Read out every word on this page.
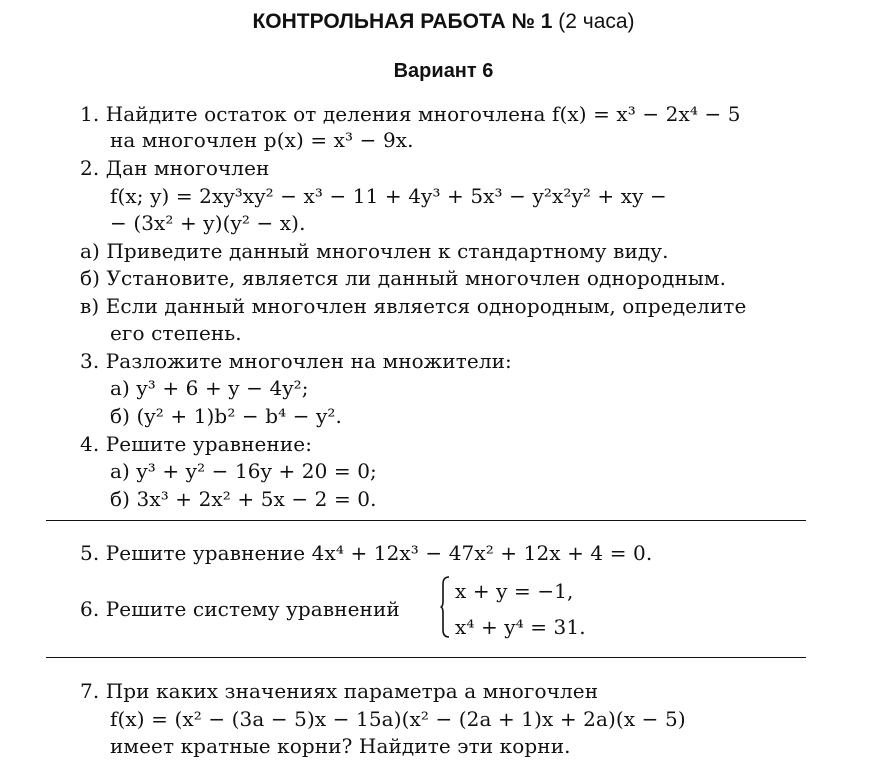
КОНТРОЛЬНАЯ РАБОТА № 1 (2 часа)
Вариант 6
1. Найдите остаток от деления многочлена f(x) = x³ − 2x⁴ − 5
на многочлен p(x) = x³ − 9x.
2. Дан многочлен
f(x; y) = 2xy³xy² − x³ − 11 + 4y³ + 5x³ − y²x²y² + xy −
− (3x² + y)(y² − x).
а) Приведите данный многочлен к стандартному виду.
б) Установите, является ли данный многочлен однородным.
в) Если данный многочлен является однородным, определите
его степень.
3. Разложите многочлен на множители:
а) y³ + 6 + y − 4y²;
б) (y² + 1)b² − b⁴ − y².
4. Решите уравнение:
а) y³ + y² − 16y + 20 = 0;
б) 3x³ + 2x² + 5x − 2 = 0.
5. Решите уравнение 4x⁴ + 12x³ − 47x² + 12x + 4 = 0.
6. Решите систему уравнений
x + y = −1,
x⁴ + y⁴ = 31.
7. При каких значениях параметра a многочлен
f(x) = (x² − (3a − 5)x − 15a)(x² − (2a + 1)x + 2a)(x − 5)
имеет кратные корни? Найдите эти корни.
